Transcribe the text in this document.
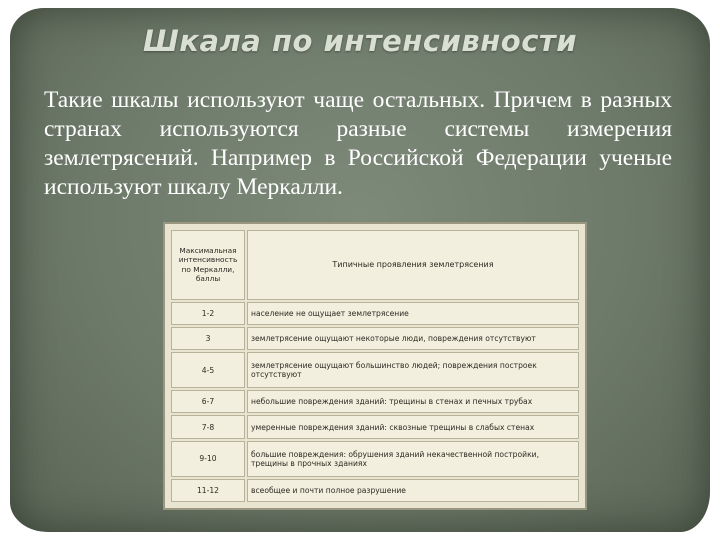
Шкала по интенсивности
Такие шкалы используют чаще остальных. Причем в разных странах используются разные системы измерения землетрясений. Например в Российской Федерации ученые используют шкалу Меркалли.
Максимальная интенсивность по Меркалли, баллы	Типичные проявления землетрясения
1-2	население не ощущает землетрясение
3	землетрясение ощущают некоторые люди, повреждения отсутствуют
4-5	землетрясение ощущают большинство людей; повреждения построек отсутствуют
6-7	небольшие повреждения зданий: трещины в стенах и печных трубах
7-8	умеренные повреждения зданий: сквозные трещины в слабых стенах
9-10	большие повреждения: обрушения зданий некачественной постройки, трещины в прочных зданиях
11-12	всеобщее и почти полное разрушение
